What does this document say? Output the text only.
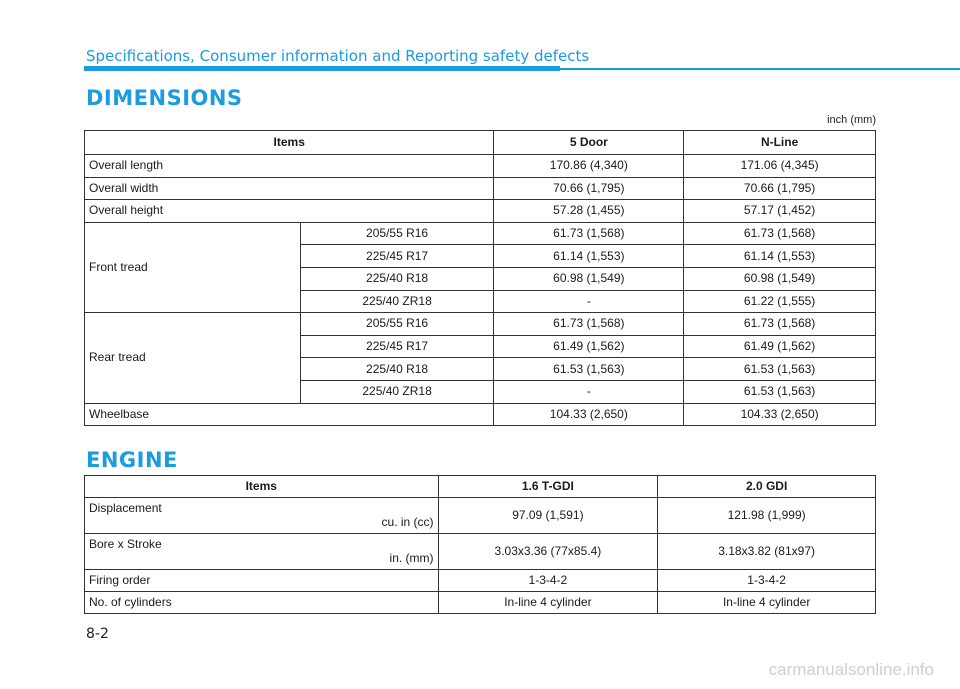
Specifications, Consumer information and Reporting safety defects
DIMENSIONS
inch (mm)
Items		5 Door	N-Line
Overall length		170.86 (4,340)	171.06 (4,345)
Overall width		70.66 (1,795)	70.66 (1,795)
Overall height		57.28 (1,455)	57.17 (1,452)
Front tread	205/55 R16	61.73 (1,568)	61.73 (1,568)
	225/45 R17	61.14 (1,553)	61.14 (1,553)
	225/40 R18	60.98 (1,549)	60.98 (1,549)
	225/40 ZR18	-	61.22 (1,555)
Rear tread	205/55 R16	61.73 (1,568)	61.73 (1,568)
	225/45 R17	61.49 (1,562)	61.49 (1,562)
	225/40 R18	61.53 (1,563)	61.53 (1,563)
	225/40 ZR18	-	61.53 (1,563)
Wheelbase		104.33 (2,650)	104.33 (2,650)
ENGINE
Items	1.6 T-GDI	2.0 GDI

Displacement
cu. in (cc)	97.09 (1,591)	121.98 (1,999)

Bore x Stroke
in. (mm)	3.03x3.36 (77x85.4)	3.18x3.82 (81x97)
Firing order	1-3-4-2	1-3-4-2
No. of cylinders	In-line 4 cylinder	In-line 4 cylinder
8-2
carmanualsonline.info
